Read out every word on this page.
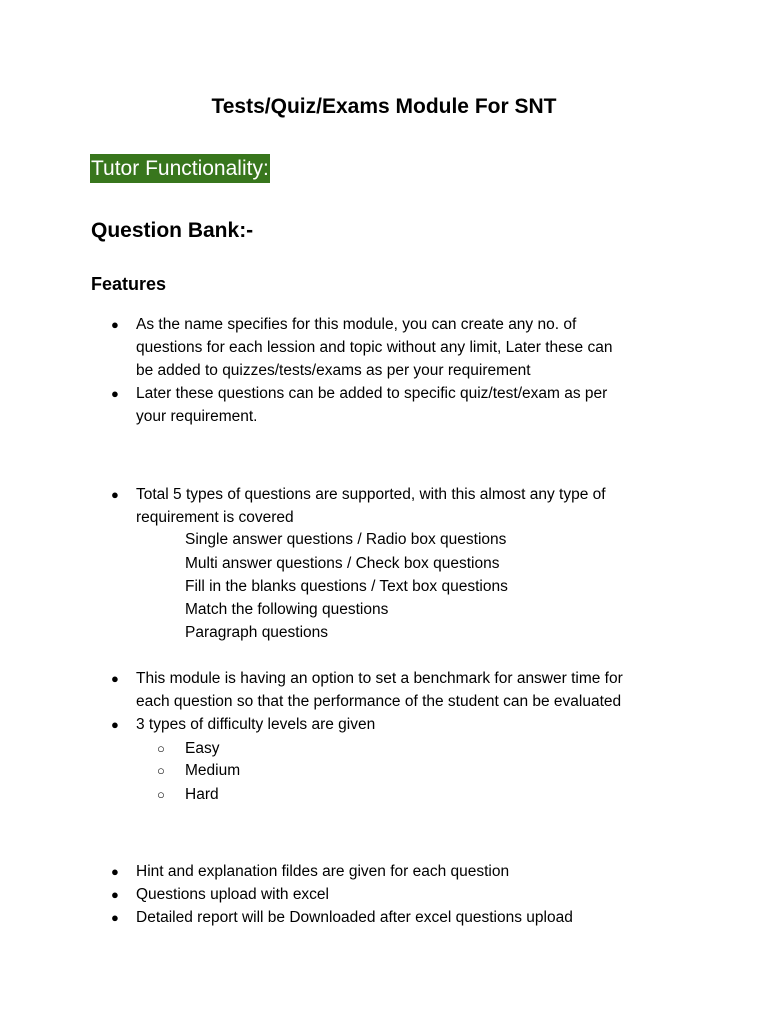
Tests/Quiz/Exams Module For SNT
Tutor Functionality:
Question Bank:-
Features
● As the name specifies for this module, you can create any no. of
questions for each lession and topic without any limit, Later these can
be added to quizzes/tests/exams as per your requirement
● Later these questions can be added to specific quiz/test/exam as per
your requirement.
● Total 5 types of questions are supported, with this almost any type of
requirement is covered
Single answer questions / Radio box questions
Multi answer questions / Check box questions
Fill in the blanks questions / Text box questions
Match the following questions
Paragraph questions
● This module is having an option to set a benchmark for answer time for
each question so that the performance of the student can be evaluated
● 3 types of difficulty levels are given
○ Easy
○ Medium
○ Hard
● Hint and explanation fildes are given for each question
● Questions upload with excel
● Detailed report will be Downloaded after excel questions upload
